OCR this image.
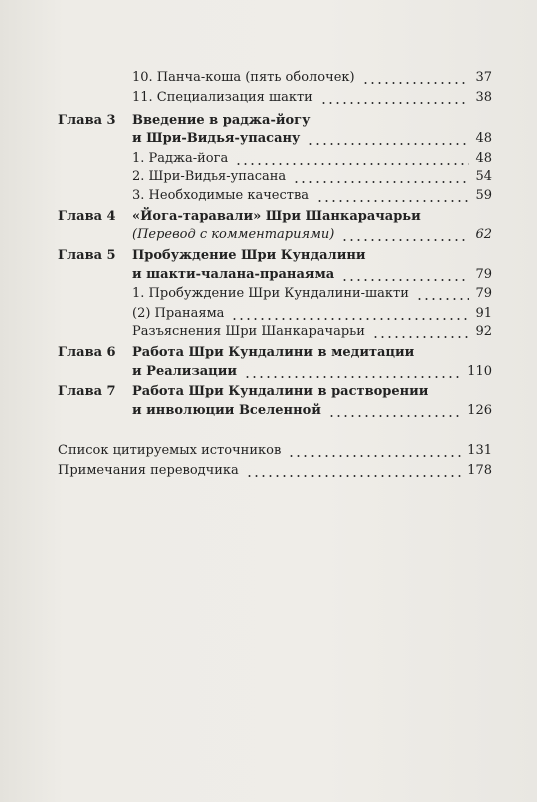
10. Панча-коша (пять оболочек)	37
11. Специализация шакти	38
Глава 3 Введение в раджа-йогу
и Шри-Видья-упасану	48
1. Раджа-йога	48
2. Шри-Видья-упасана	54
3. Необходимые качества	59
Глава 4 «Йога-таравали» Шри Шанкарачарьи
(Перевод с комментариями)	62
Глава 5 Пробуждение Шри Кундалини
и шакти-чалана-пранаяма	79
1. Пробуждение Шри Кундалини-шакти	79
(2) Пранаяма	91
Разъяснения Шри Шанкарачарьи	92
Глава 6 Работа Шри Кундалини в медитации
и Реализации	110
Глава 7 Работа Шри Кундалини в растворении
и инволюции Вселенной	126
Список цитируемых источников	131
Примечания переводчика	178
